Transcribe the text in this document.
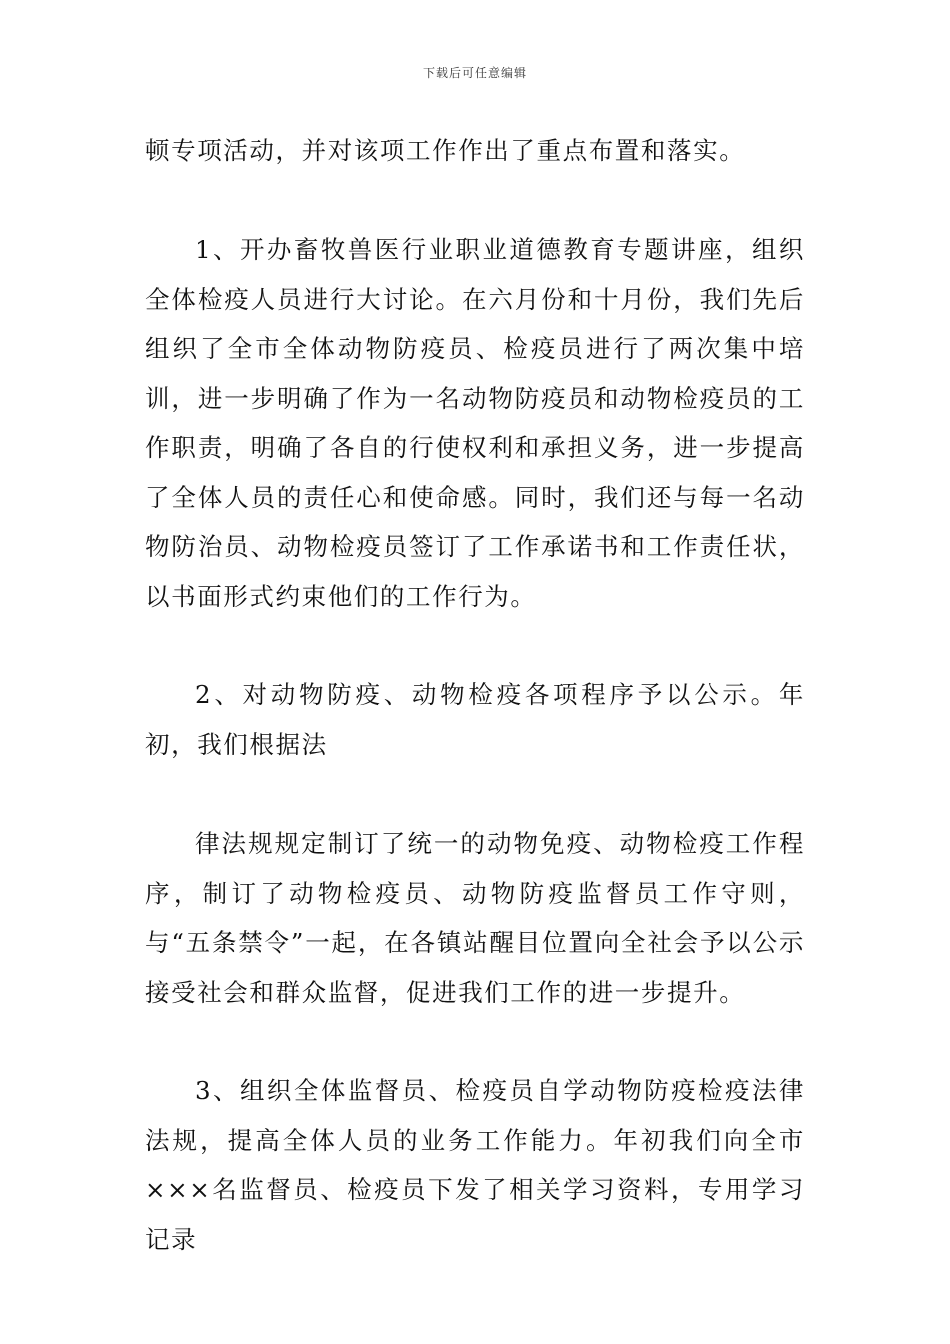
下载后可任意编辑

顿专项活动，并对该项工作作出了重点布置和落实。

1、开办畜牧兽医行业职业道德教育专题讲座，组织全体检疫人员进行大讨论。在六月份和十月份，我们先后组织了全市全体动物防疫员、检疫员进行了两次集中培训，进一步明确了作为一名动物防疫员和动物检疫员的工作职责，明确了各自的行使权利和承担义务，进一步提高了全体人员的责任心和使命感。同时，我们还与每一名动物防治员、动物检疫员签订了工作承诺书和工作责任状，以书面形式约束他们的工作行为。

2、对动物防疫、动物检疫各项程序予以公示。年初，我们根据法

律法规规定制订了统一的动物免疫、动物检疫工作程序，制订了动物检疫员、动物防疫监督员工作守则，与“五条禁令”一起，在各镇站醒目位置向全社会予以公示接受社会和群众监督，促进我们工作的进一步提升。

3、组织全体监督员、检疫员自学动物防疫检疫法律法规，提高全体人员的业务工作能力。年初我们向全市×××名监督员、检疫员下发了相关学习资料，专用学习记录
